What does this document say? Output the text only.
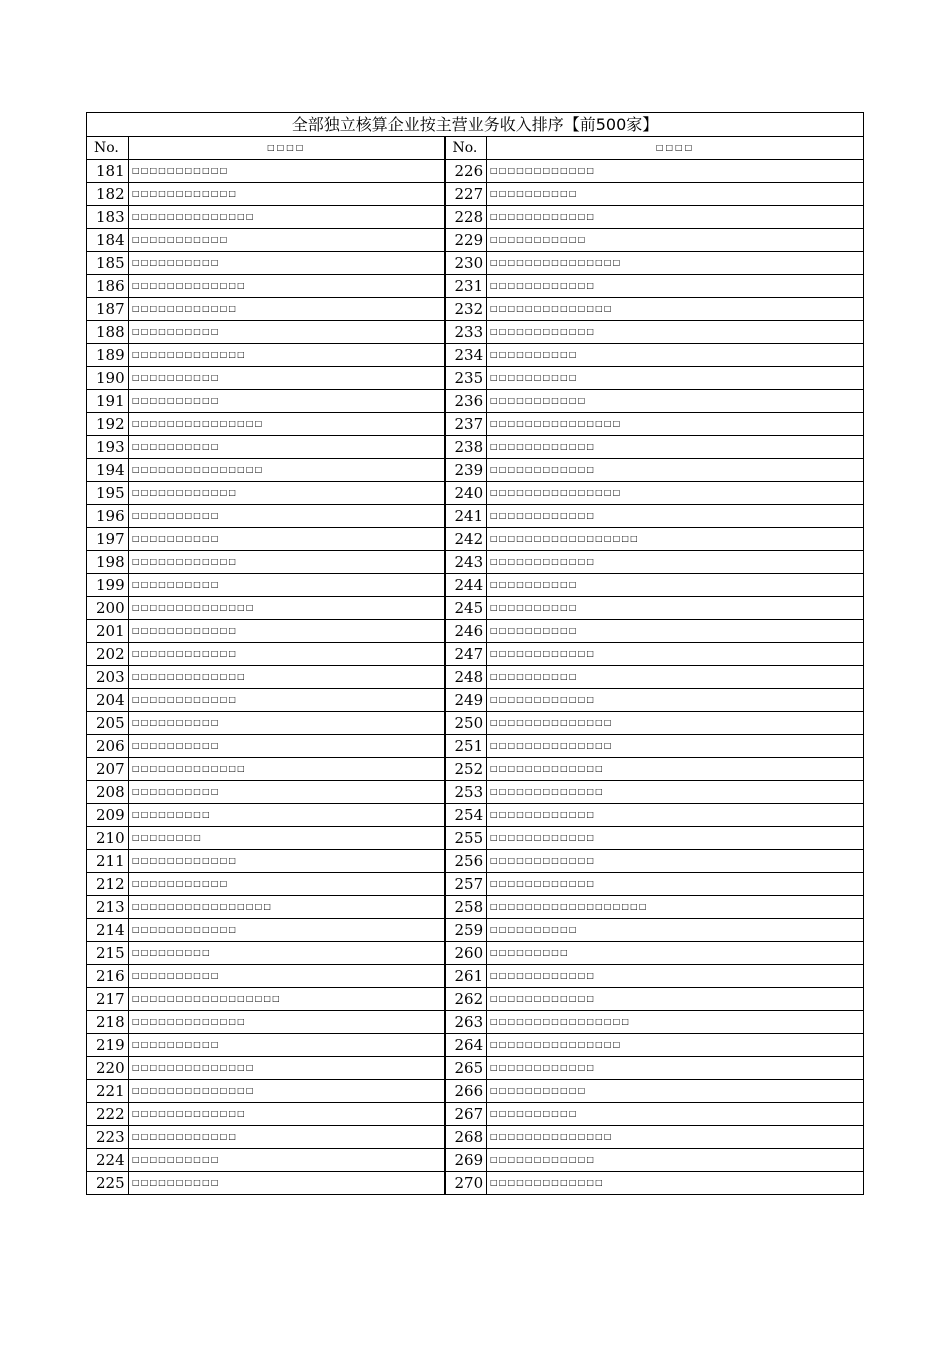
全部独立核算企业按主营业务收入排序【前500家】			
No.	□□□□	No.	□□□□
181	□□□□□□□□□□□	226	□□□□□□□□□□□□
182	□□□□□□□□□□□□	227	□□□□□□□□□□
183	□□□□□□□□□□□□□□	228	□□□□□□□□□□□□
184	□□□□□□□□□□□	229	□□□□□□□□□□□
185	□□□□□□□□□□	230	□□□□□□□□□□□□□□□
186	□□□□□□□□□□□□□	231	□□□□□□□□□□□□
187	□□□□□□□□□□□□	232	□□□□□□□□□□□□□□
188	□□□□□□□□□□	233	□□□□□□□□□□□□
189	□□□□□□□□□□□□□	234	□□□□□□□□□□
190	□□□□□□□□□□	235	□□□□□□□□□□
191	□□□□□□□□□□	236	□□□□□□□□□□□
192	□□□□□□□□□□□□□□□	237	□□□□□□□□□□□□□□□
193	□□□□□□□□□□	238	□□□□□□□□□□□□
194	□□□□□□□□□□□□□□□	239	□□□□□□□□□□□□
195	□□□□□□□□□□□□	240	□□□□□□□□□□□□□□□
196	□□□□□□□□□□	241	□□□□□□□□□□□□
197	□□□□□□□□□□	242	□□□□□□□□□□□□□□□□□
198	□□□□□□□□□□□□	243	□□□□□□□□□□□□
199	□□□□□□□□□□	244	□□□□□□□□□□
200	□□□□□□□□□□□□□□	245	□□□□□□□□□□
201	□□□□□□□□□□□□	246	□□□□□□□□□□
202	□□□□□□□□□□□□	247	□□□□□□□□□□□□
203	□□□□□□□□□□□□□	248	□□□□□□□□□□
204	□□□□□□□□□□□□	249	□□□□□□□□□□□□
205	□□□□□□□□□□	250	□□□□□□□□□□□□□□
206	□□□□□□□□□□	251	□□□□□□□□□□□□□□
207	□□□□□□□□□□□□□	252	□□□□□□□□□□□□□
208	□□□□□□□□□□	253	□□□□□□□□□□□□□
209	□□□□□□□□□	254	□□□□□□□□□□□□
210	□□□□□□□□	255	□□□□□□□□□□□□
211	□□□□□□□□□□□□	256	□□□□□□□□□□□□
212	□□□□□□□□□□□	257	□□□□□□□□□□□□
213	□□□□□□□□□□□□□□□□	258	□□□□□□□□□□□□□□□□□□
214	□□□□□□□□□□□□	259	□□□□□□□□□□
215	□□□□□□□□□	260	□□□□□□□□□
216	□□□□□□□□□□	261	□□□□□□□□□□□□
217	□□□□□□□□□□□□□□□□□	262	□□□□□□□□□□□□
218	□□□□□□□□□□□□□	263	□□□□□□□□□□□□□□□□
219	□□□□□□□□□□	264	□□□□□□□□□□□□□□□
220	□□□□□□□□□□□□□□	265	□□□□□□□□□□□□
221	□□□□□□□□□□□□□□	266	□□□□□□□□□□□
222	□□□□□□□□□□□□□	267	□□□□□□□□□□
223	□□□□□□□□□□□□	268	□□□□□□□□□□□□□□
224	□□□□□□□□□□	269	□□□□□□□□□□□□
225	□□□□□□□□□□	270	□□□□□□□□□□□□□
